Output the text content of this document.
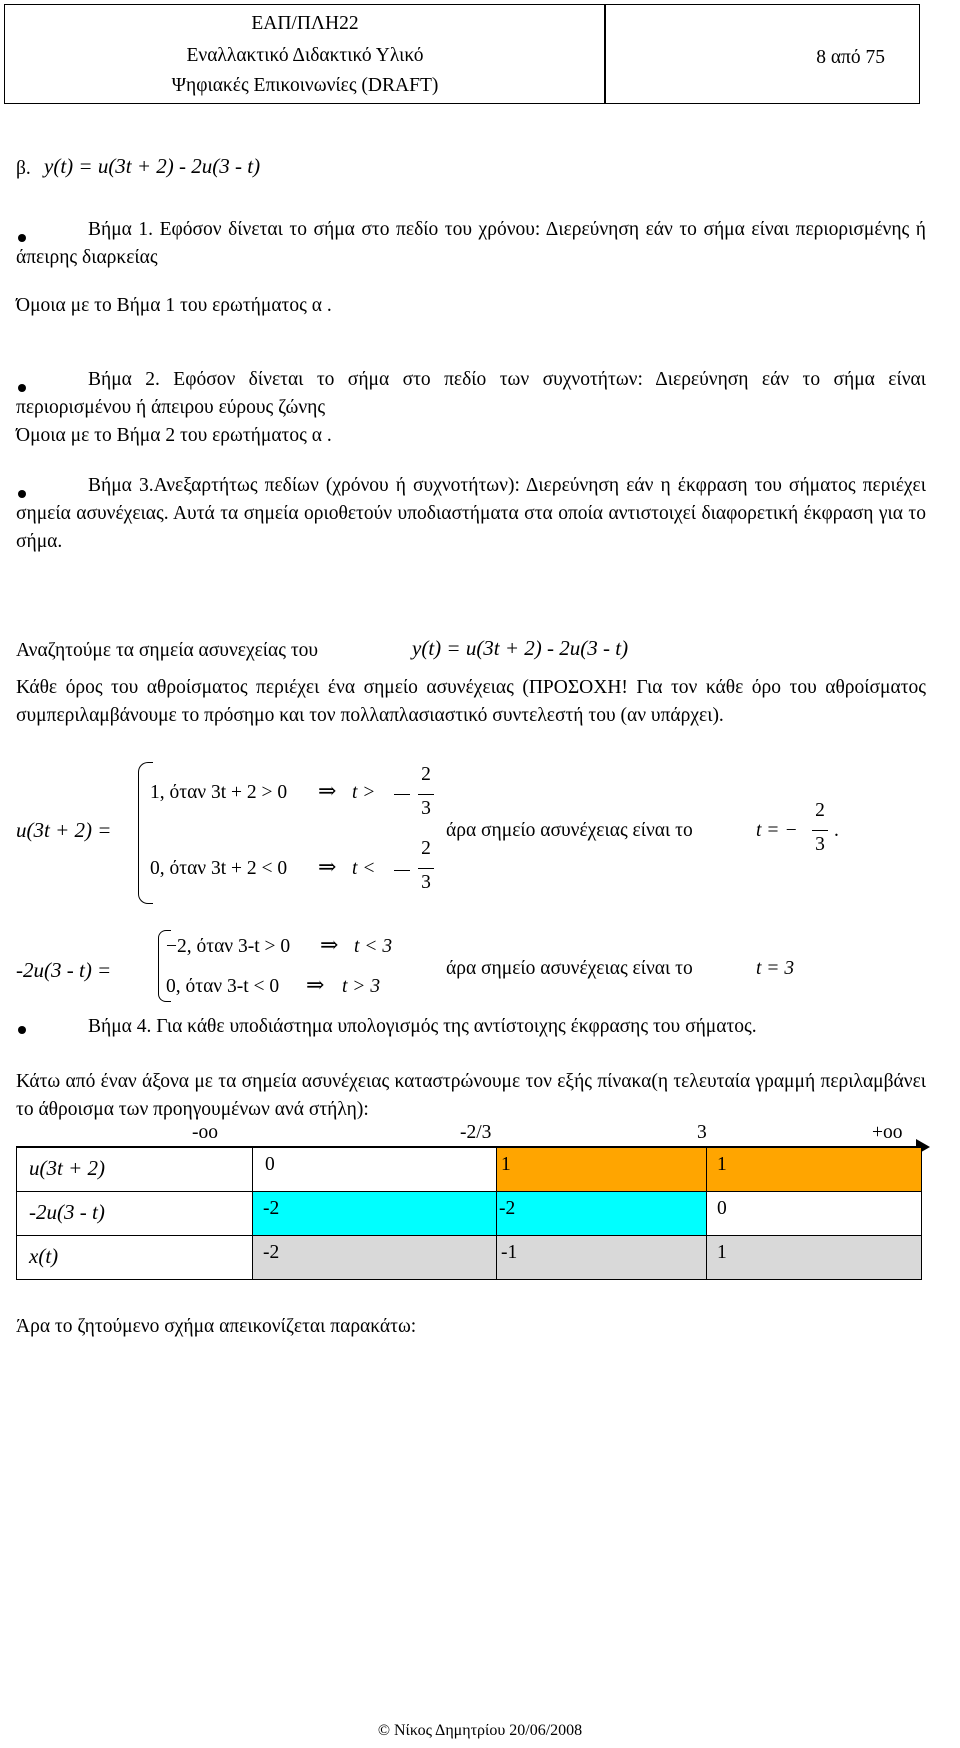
ΕΑΠ/ΠΛΗ22
Εναλλακτικό Διδακτικό Υλικό
Ψηφιακές Επικοινωνίες (DRAFT)
8 από 75
β. y(t) = u(3t + 2) - 2u(3 - t)
Βήμα 1. Εφόσον δίνεται το σήμα στο πεδίο του χρόνου: Διερεύνηση εάν το σήμα είναι περιορισμένης ή άπειρης διαρκείας
Όμοια με το Βήμα 1 του ερωτήματος α .
Βήμα 2. Εφόσον δίνεται το σήμα στο πεδίο των συχνοτήτων: Διερεύνηση εάν το σήμα είναι περιορισμένου ή άπειρου εύρους ζώνης
Όμοια με το Βήμα 2 του ερωτήματος α .
Βήμα 3.Ανεξαρτήτως πεδίων (χρόνου ή συχνοτήτων): Διερεύνηση εάν η έκφραση του σήματος περιέχει σημεία ασυνέχειας. Αυτά τα σημεία οριοθετούν υποδιαστήματα στα οποία αντιστοιχεί διαφορετική έκφραση για το σήμα.
Αναζητούμε τα σημεία ασυνεχείας του	y(t) = u(3t + 2) - 2u(3 - t)
Κάθε όρος του αθροίσματος περιέχει ένα σημείο ασυνέχειας (ΠΡΟΣΟΧΗ! Για τον κάθε όρο του αθροίσματος συμπεριλαμβάνουμε το πρόσημο και τον πολλαπλασιαστικό συντελεστή του (αν υπάρχει).
u(3t + 2) =
1, όταν 3t + 2 > 0 ⇒ t >
2
3
0, όταν 3t + 2 < 0 ⇒ t <
2
3
άρα σημείο ασυνέχειας είναι το	t = −
2
3
.
-2u(3 - t) =
−2, όταν 3-t > 0 ⇒ t < 3
0, όταν 3-t < 0 ⇒ t > 3
άρα σημείο ασυνέχειας είναι το	t = 3
Βήμα 4. Για κάθε υποδιάστημα υπολογισμός της αντίστοιχης έκφρασης του σήματος.
Κάτω από έναν άξονα με τα σημεία ασυνέχειας καταστρώνουμε τον εξής πίνακα(η τελευταία γραμμή περιλαμβάνει το άθροισμα των προηγουμένων ανά στήλη):
-oo	-2/3	3	+oo
u(3t + 2)	0	1	1
-2u(3 - t)	-2	-2	0
x(t)	-2	-1	1
Άρα το ζητούμενο σχήμα απεικονίζεται παρακάτω:
© Νίκος Δημητρίου 20/06/2008
